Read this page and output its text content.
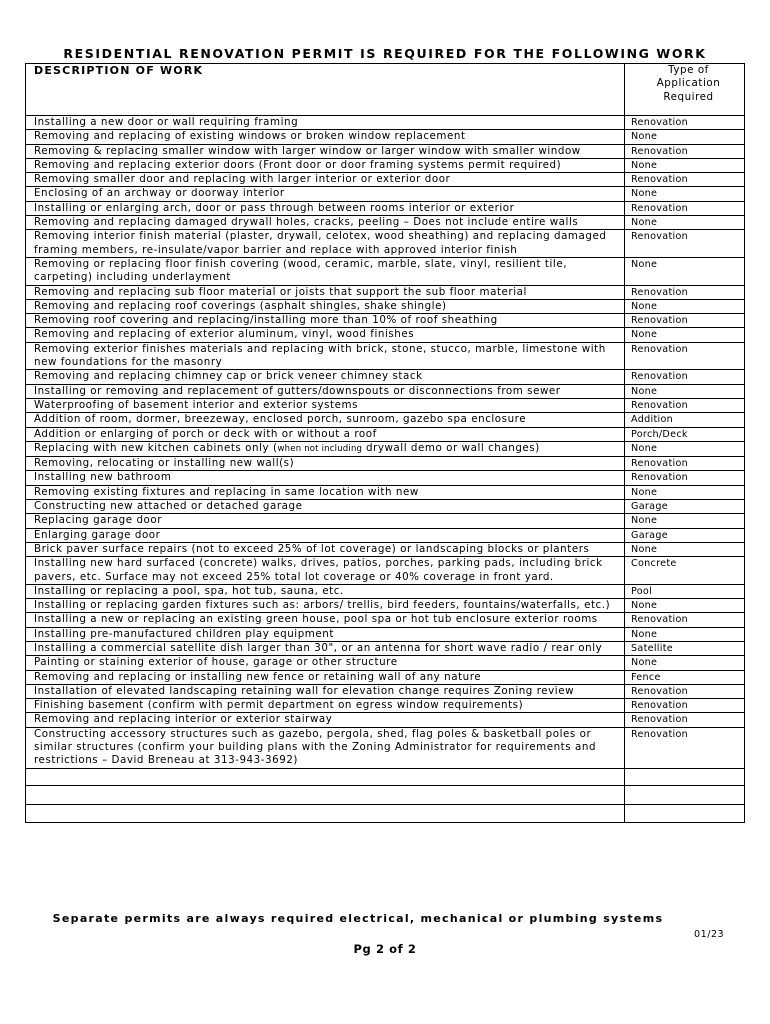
RESIDENTIAL RENOVATION PERMIT IS REQUIRED FOR THE FOLLOWING WORK
DESCRIPTION OF WORK	Type of
Application
Required

Installing a new door or wall requiring framing	Renovation
Removing and replacing of existing windows or broken window replacement	None
Removing & replacing smaller window with larger window or larger window with smaller window	Renovation
Removing and replacing exterior doors (Front door or door framing systems permit required)	None
Removing smaller door and replacing with larger interior or exterior door	Renovation
Enclosing of an archway or doorway interior	None
Installing or enlarging arch, door or pass through between rooms interior or exterior	Renovation
Removing and replacing damaged drywall holes, cracks, peeling – Does not include entire walls	None
Removing interior finish material (plaster, drywall, celotex, wood sheathing) and replacing damaged framing members, re-insulate/vapor barrier and replace with approved interior finish	Renovation
Removing or replacing floor finish covering (wood, ceramic, marble, slate, vinyl, resilient tile, carpeting) including underlayment	None
Removing and replacing sub floor material or joists that support the sub floor material	Renovation
Removing and replacing roof coverings (asphalt shingles, shake shingle)	None
Removing roof covering and replacing/installing more than 10% of roof sheathing	Renovation
Removing and replacing of exterior aluminum, vinyl, wood finishes	None
Removing exterior finishes materials and replacing with brick, stone, stucco, marble, limestone with new foundations for the masonry	Renovation
Removing and replacing chimney cap or brick veneer chimney stack	Renovation
Installing or removing and replacement of gutters/downspouts or disconnections from sewer	None
Waterproofing of basement interior and exterior systems	Renovation
Addition of room, dormer, breezeway, enclosed porch, sunroom, gazebo spa enclosure	Addition
Addition or enlarging of porch or deck with or without a roof	Porch/Deck
Replacing with new kitchen cabinets only (when not including drywall demo or wall changes)	None
Removing, relocating or installing new wall(s)	Renovation
Installing new bathroom	Renovation
Removing existing fixtures and replacing in same location with new	None
Constructing new attached or detached garage	Garage
Replacing garage door	None
Enlarging garage door	Garage
Brick paver surface repairs (not to exceed 25% of lot coverage) or landscaping blocks or planters	None
Installing new hard surfaced (concrete) walks, drives, patios, porches, parking pads, including brick pavers, etc. Surface may not exceed 25% total lot coverage or 40% coverage in front yard.	Concrete
Installing or replacing a pool, spa, hot tub, sauna, etc.	Pool
Installing or replacing garden fixtures such as: arbors/ trellis, bird feeders, fountains/waterfalls, etc.)	None
Installing a new or replacing an existing green house, pool spa or hot tub enclosure exterior rooms	Renovation
Installing pre-manufactured children play equipment	None
Installing a commercial satellite dish larger than 30", or an antenna for short wave radio / rear only	Satellite
Painting or staining exterior of house, garage or other structure	None
Removing and replacing or installing new fence or retaining wall of any nature	Fence
Installation of elevated landscaping retaining wall for elevation change requires Zoning review	Renovation
Finishing basement (confirm with permit department on egress window requirements)	Renovation
Removing and replacing interior or exterior stairway	Renovation
Constructing accessory structures such as gazebo, pergola, shed, flag poles & basketball poles or similar structures (confirm your building plans with the Zoning Administrator for requirements and restrictions – David Breneau at 313-943-3692)	Renovation

Separate permits are always required electrical, mechanical or plumbing systems
01/23
Pg 2 of 2
